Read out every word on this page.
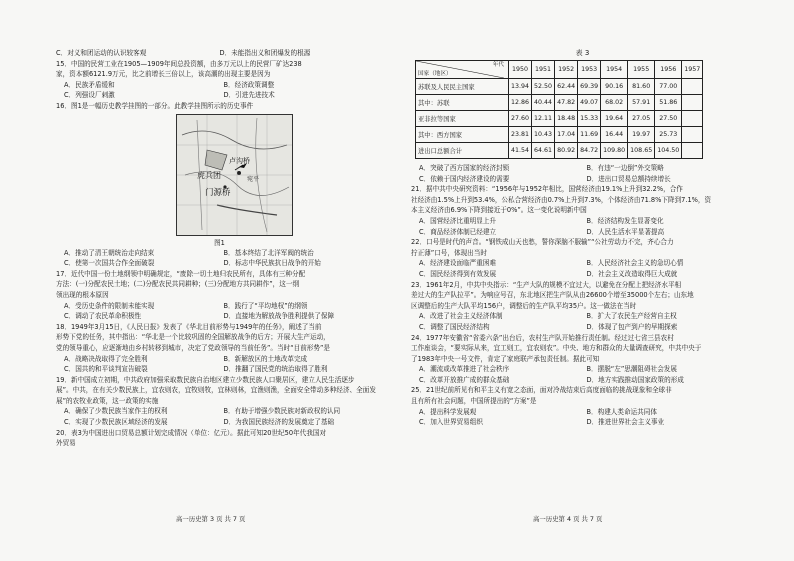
C．对义和团运动的认识较客观	D．未能指出义和团爆发的根源
15．中国的民营工业在1905—1909年间总投资额，由多万元以上的民营厂矿达238
家，资本额6121.9万元，比之前增长三倍以上，该高潮的出现主要是因为
A．民族矛盾缓和	B．经济政策调整
C．列强设厂刺激	D．引进先进技术
16．图1是一幅历史教学挂图的一部分。此教学挂图所示的历史事件
虎兵团
卢沟桥
门源桥
宛平
图1
A．推动了清王朝统治走向结束	B．基本终结了北洋军阀的统治
C．使第一次国共合作全面破裂	D．标志中华民族抗日战争的开始
17．近代中国一份土地纲领中明确规定，“废除一切土地归农民所有，具体有三种分配
方法：(一)分配农民土地；(二)分配农民共同耕种；(三)分配地方共同耕作”，这一纲
领出现的根本原因
A．受历史条件的限制未能实现	B．践行了“平均地权”的纲领
C．调动了农民革命积极性	D．直接地为解放战争胜利提供了保障
18．1949年3月15日，《人民日报》发表了《华北目前形势与1949年的任务》，阐述了当前
形势下党的任务，其中指出：“华北是一个比较巩固的全国解放战争的后方；开展大生产运动，
党的领导重心，应逐渐地由乡村转移到城市，决定了党政领导的当前任务”。当时“目前形势”是
A．战略决战取得了完全胜利	B．新解放区的土地改革完成
C．国共的和平谈判宣告破裂	D．推翻了国民党的统治取得了胜利
19．新中国成立初期，中共政府加强采取数民族自治地区建立少数民族人口聚居区，建立人民生活逐步
展”。中共，在有关少数民族上，宜农则农，宜牧则牧，宜林则林，宜渔则渔，全面安全带动多种经济、全面发
展”的农牧业政策，这一政策的实施
A．确保了少数民族当家作主的权利	B．有助于增强少数民族对新政权的认同
C．实现了少数民族区域经济的发展	D．为我国民族经济的发展奠定了基础
20．表3为中国进出口贸易总额计划完成情况（单位：亿元）。据此可知20世纪50年代我国对
外贸易
高一历史第 3 页 共 7 页
表 3
年代
国家（地区）	1950	1951	1952	1953	1954	1955	1956	1957
苏联及人民民主国家	13.94	52.50	62.44	69.39	90.16	81.60	77.00	
其中：苏联	12.86	40.44	47.82	49.07	68.02	57.91	51.86	
亚非拉等国家	27.60	12.11	18.48	15.33	19.64	27.05	27.50	
其中：西方国家	23.81	10.43	17.04	11.69	16.44	19.97	25.73	
进出口总额合计	41.54	64.61	80.92	84.72	109.80	108.65	104.50	
A．突破了西方国家的经济封锁	B．有违“一边倒”外交策略
C．依赖于国内经济建设的需要	D．进出口贸易总额持续增长
21．据中共中央研究资料：“1956年与1952年相比，国营经济由19.1%上升到32.2%，合作
社经济由1.5%上升到53.4%，公私合营经济由0.7%上升到7.3%，个体经济由71.8%下降到7.1%，资
本主义经济由6.9%下降到接近于0%”。这一变化说明新中国
A．国营经济比重明显上升	B．经济结构发生显著变化
C．商品经济体制已经建立	D．人民生活水平显著提高
22．口号是时代的声音。“钢铁成山天也愁，誓你深脑不服输”“公社劳动力不完，齐心合力
拧正薄”口号，体现出当时
A．经济建设面临严重困难	B．人民经济社会主义的急切心情
C．国民经济得到有效发展	D．社会主义改造取得巨大成就
23．1961年2月，中共中央指示：“生产大队的规模不宜过大，以避免在分配上把经济水平相
差过大的生产队拉平”。为响应号召，东北地区把生产队从由26600个增至35000个左右；山东地
区调整后的生产大队平均156户，调整后的生产队平均35户。这一做法在当时
A．改进了社会主义经济体制	B．扩大了农民生产经营自主权
C．调整了国民经济结构	D．体现了包产到户的早期探索
24．1977年安徽省“省委六条”出台后，农村生产队开始推行责任制。经过过七省三县农村
工作座谈会，“要实际从来，宜工则工，宜农则农”。中央、地方和群众的大量调查研究，中共中央于
了1983年中央一号文件，肯定了家庭联产承包责任制。据此可知
A．潮流或改革推进了社会秩序	B．摆脱“左”思潮阻碍社会发展
C．改革开放推广成的群众基础	D．地方实践推动国家政策的形成
25．21世纪前所见有和平主义有宽之态面，面对冷战结束后高度面临的挑战现象和全球非
且有所有社会问题，中国所提出的“方案”是
A．提出科学发展观	B．构建人类命运共同体
C．加入世界贸易组织	D．推进世界社会主义事业
高一历史第 4 页 共 7 页
